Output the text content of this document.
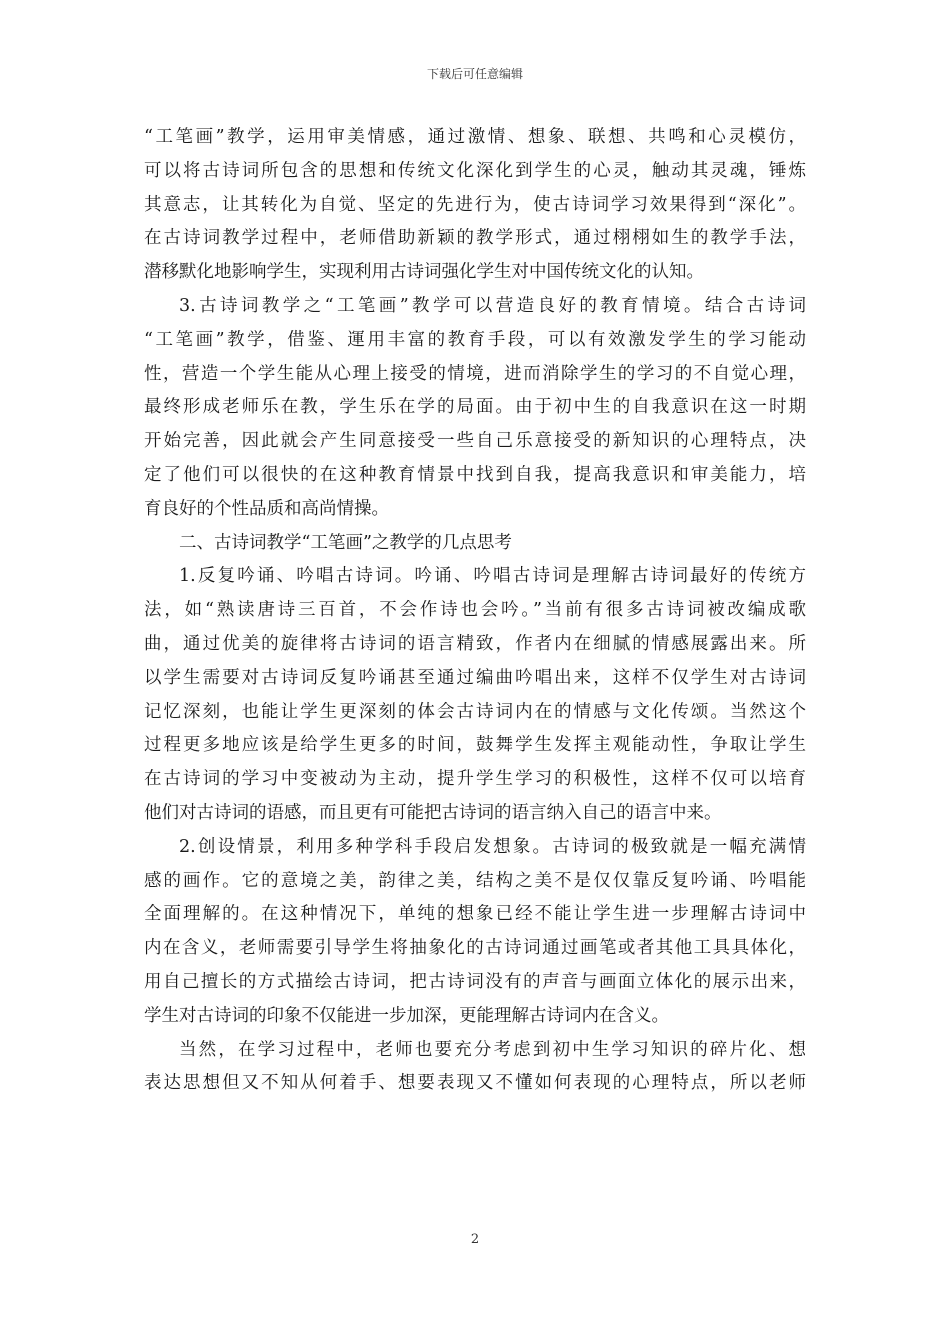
下载后可任意编辑
“工笔画”教学，运用审美情感，通过激情、想象、联想、共鸣和心灵模仿，
可以将古诗词所包含的思想和传统文化深化到学生的心灵，触动其灵魂，锤炼
其意志，让其转化为自觉、坚定的先进行为，使古诗词学习效果得到“深化”。
在古诗词教学过程中，老师借助新颖的教学形式，通过栩栩如生的教学手法，
潜移默化地影响学生，实现利用古诗词强化学生对中国传统文化的认知。
3.古诗词教学之“工笔画”教学可以营造良好的教育情境。结合古诗词
“工笔画”教学，借鉴、運用丰富的教育手段，可以有效激发学生的学习能动
性，营造一个学生能从心理上接受的情境，进而消除学生的学习的不自觉心理，
最终形成老师乐在教，学生乐在学的局面。由于初中生的自我意识在这一时期
开始完善，因此就会产生同意接受一些自己乐意接受的新知识的心理特点，决
定了他们可以很快的在这种教育情景中找到自我，提高我意识和审美能力，培
育良好的个性品质和高尚情操。
二、古诗词教学“工笔画”之教学的几点思考
1.反复吟诵、吟唱古诗词。吟诵、吟唱古诗词是理解古诗词最好的传统方
法，如“熟读唐诗三百首，不会作诗也会吟。”当前有很多古诗词被改编成歌
曲，通过优美的旋律将古诗词的语言精致，作者内在细腻的情感展露出来。所
以学生需要对古诗词反复吟诵甚至通过编曲吟唱出来，这样不仅学生对古诗词
记忆深刻，也能让学生更深刻的体会古诗词内在的情感与文化传颂。当然这个
过程更多地应该是给学生更多的时间，鼓舞学生发挥主观能动性，争取让学生
在古诗词的学习中变被动为主动，提升学生学习的积极性，这样不仅可以培育
他们对古诗词的语感，而且更有可能把古诗词的语言纳入自己的语言中来。
2.创设情景，利用多种学科手段启发想象。古诗词的极致就是一幅充满情
感的画作。它的意境之美，韵律之美，结构之美不是仅仅靠反复吟诵、吟唱能
全面理解的。在这种情况下，单纯的想象已经不能让学生进一步理解古诗词中
内在含义，老师需要引导学生将抽象化的古诗词通过画笔或者其他工具具体化，
用自己擅长的方式描绘古诗词，把古诗词没有的声音与画面立体化的展示出来，
学生对古诗词的印象不仅能进一步加深，更能理解古诗词内在含义。
当然，在学习过程中，老师也要充分考虑到初中生学习知识的碎片化、想
表达思想但又不知从何着手、想要表现又不懂如何表现的心理特点，所以老师
2
